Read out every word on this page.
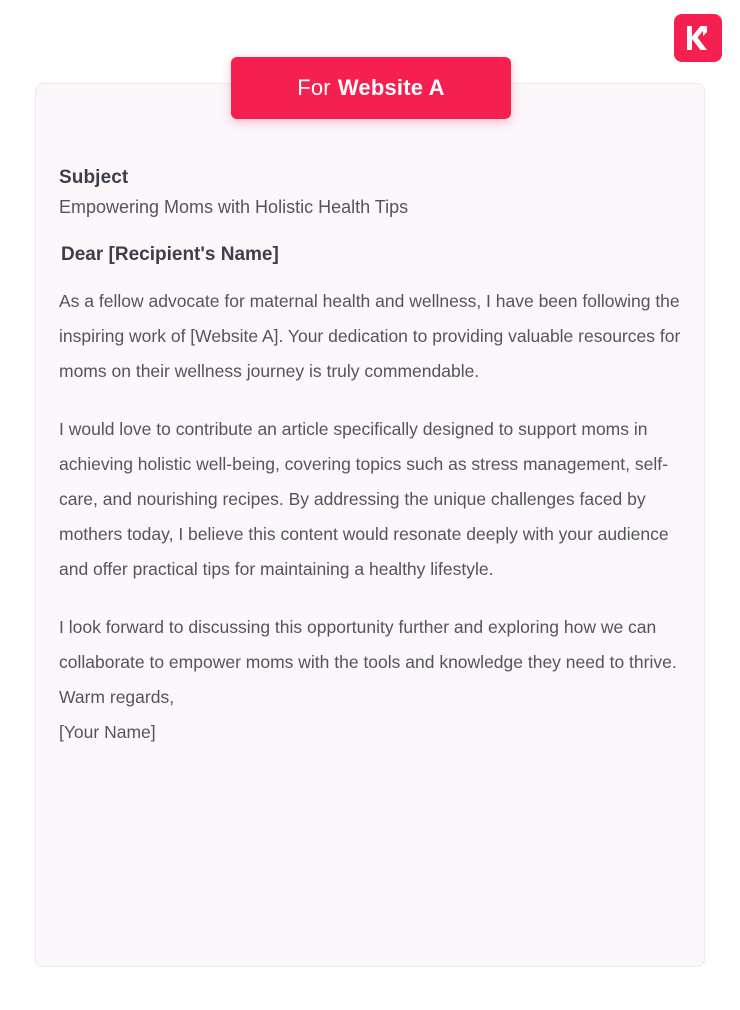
For Website A
Subject
Empowering Moms with Holistic Health Tips
Dear [Recipient's Name]

As a fellow advocate for maternal health and wellness, I have been following the inspiring work of [Website A]. Your dedication to providing valuable resources for moms on their wellness journey is truly commendable.

I would love to contribute an article specifically designed to support moms in achieving holistic well-being, covering topics such as stress management, self-care, and nourishing recipes. By addressing the unique challenges faced by mothers today, I believe this content would resonate deeply with your audience and offer practical tips for maintaining a healthy lifestyle.

I look forward to discussing this opportunity further and exploring how we can collaborate to empower moms with the tools and knowledge they need to thrive.

Warm regards,
[Your Name]
